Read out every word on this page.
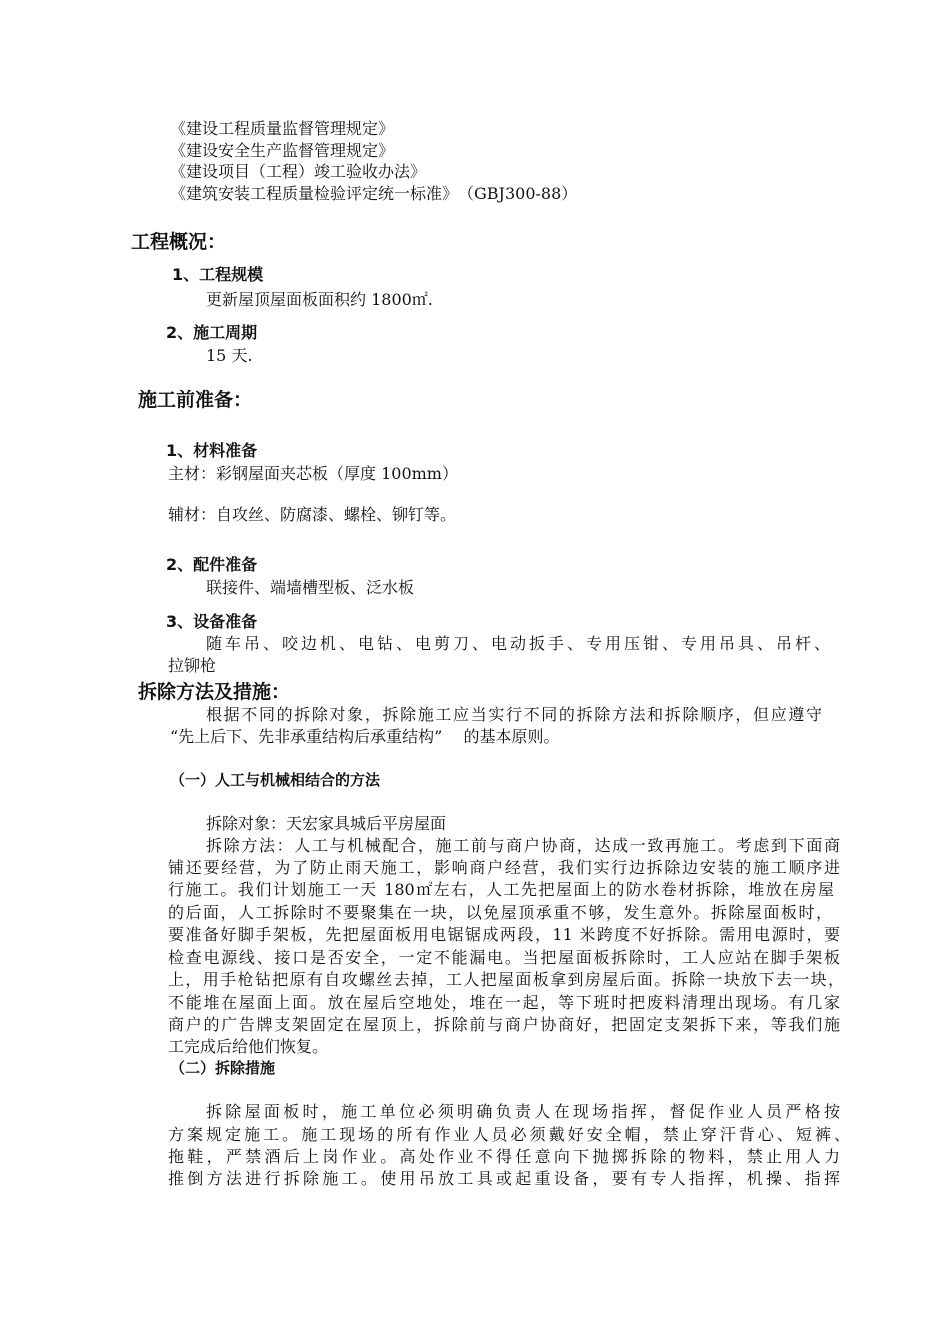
《建设工程质量监督管理规定》
《建设安全生产监督管理规定》
《建设项目（工程）竣工验收办法》
《建筑安装工程质量检验评定统一标准》　（GBJ300-88）
工程概况：
1、工程规模
更新屋顶屋面板面积约 1800㎡.
2、施工周期
15 天.
施工前准备：
1、材料准备
主材：彩钢屋面夹芯板（厚度 100mm）
辅材：自攻丝、防腐漆、螺栓、铆钉等。
2、配件准备
联接件、端墙槽型板、泛水板
3、设备准备
随车吊、咬边机、电钻、电剪刀、电动扳手、专用压钳、专用吊具、吊杆、
拉铆枪
拆除方法及措施：
根据不同的拆除对象，拆除施工应当实行不同的拆除方法和拆除顺序，但应遵守
“先上后下、先非承重结构后承重结构”　 的基本原则。
（一）人工与机械相结合的方法
拆除对象：天宏家具城后平房屋面
拆除方法：人工与机械配合，施工前与商户协商，达成一致再施工。考虑到下面商
铺还要经营，为了防止雨天施工，影响商户经营，我们实行边拆除边安装的施工顺序进
行施工。我们计划施工一天 180㎡左右，人工先把屋面上的防水卷材拆除，堆放在房屋
的后面，人工拆除时不要聚集在一块，以免屋顶承重不够，发生意外。拆除屋面板时，
要准备好脚手架板，先把屋面板用电锯锯成两段，11 米跨度不好拆除。需用电源时，要
检查电源线、接口是否安全，一定不能漏电。当把屋面板拆除时，工人应站在脚手架板
上，用手枪钻把原有自攻螺丝去掉，工人把屋面板拿到房屋后面。拆除一块放下去一块，
不能堆在屋面上面。放在屋后空地处，堆在一起，等下班时把废料清理出现场。有几家
商户的广告牌支架固定在屋顶上，拆除前与商户协商好，把固定支架拆下来，等我们施
工完成后给他们恢复。
（二）拆除措施
拆除屋面板时，施工单位必须明确负责人在现场指挥，督促作业人员严格按
方案规定施工。施工现场的所有作业人员必须戴好安全帽，禁止穿汗背心、短裤、
拖鞋，严禁酒后上岗作业。高处作业不得任意向下抛掷拆除的物料，禁止用人力
推倒方法进行拆除施工。使用吊放工具或起重设备，要有专人指挥，机操、指挥
